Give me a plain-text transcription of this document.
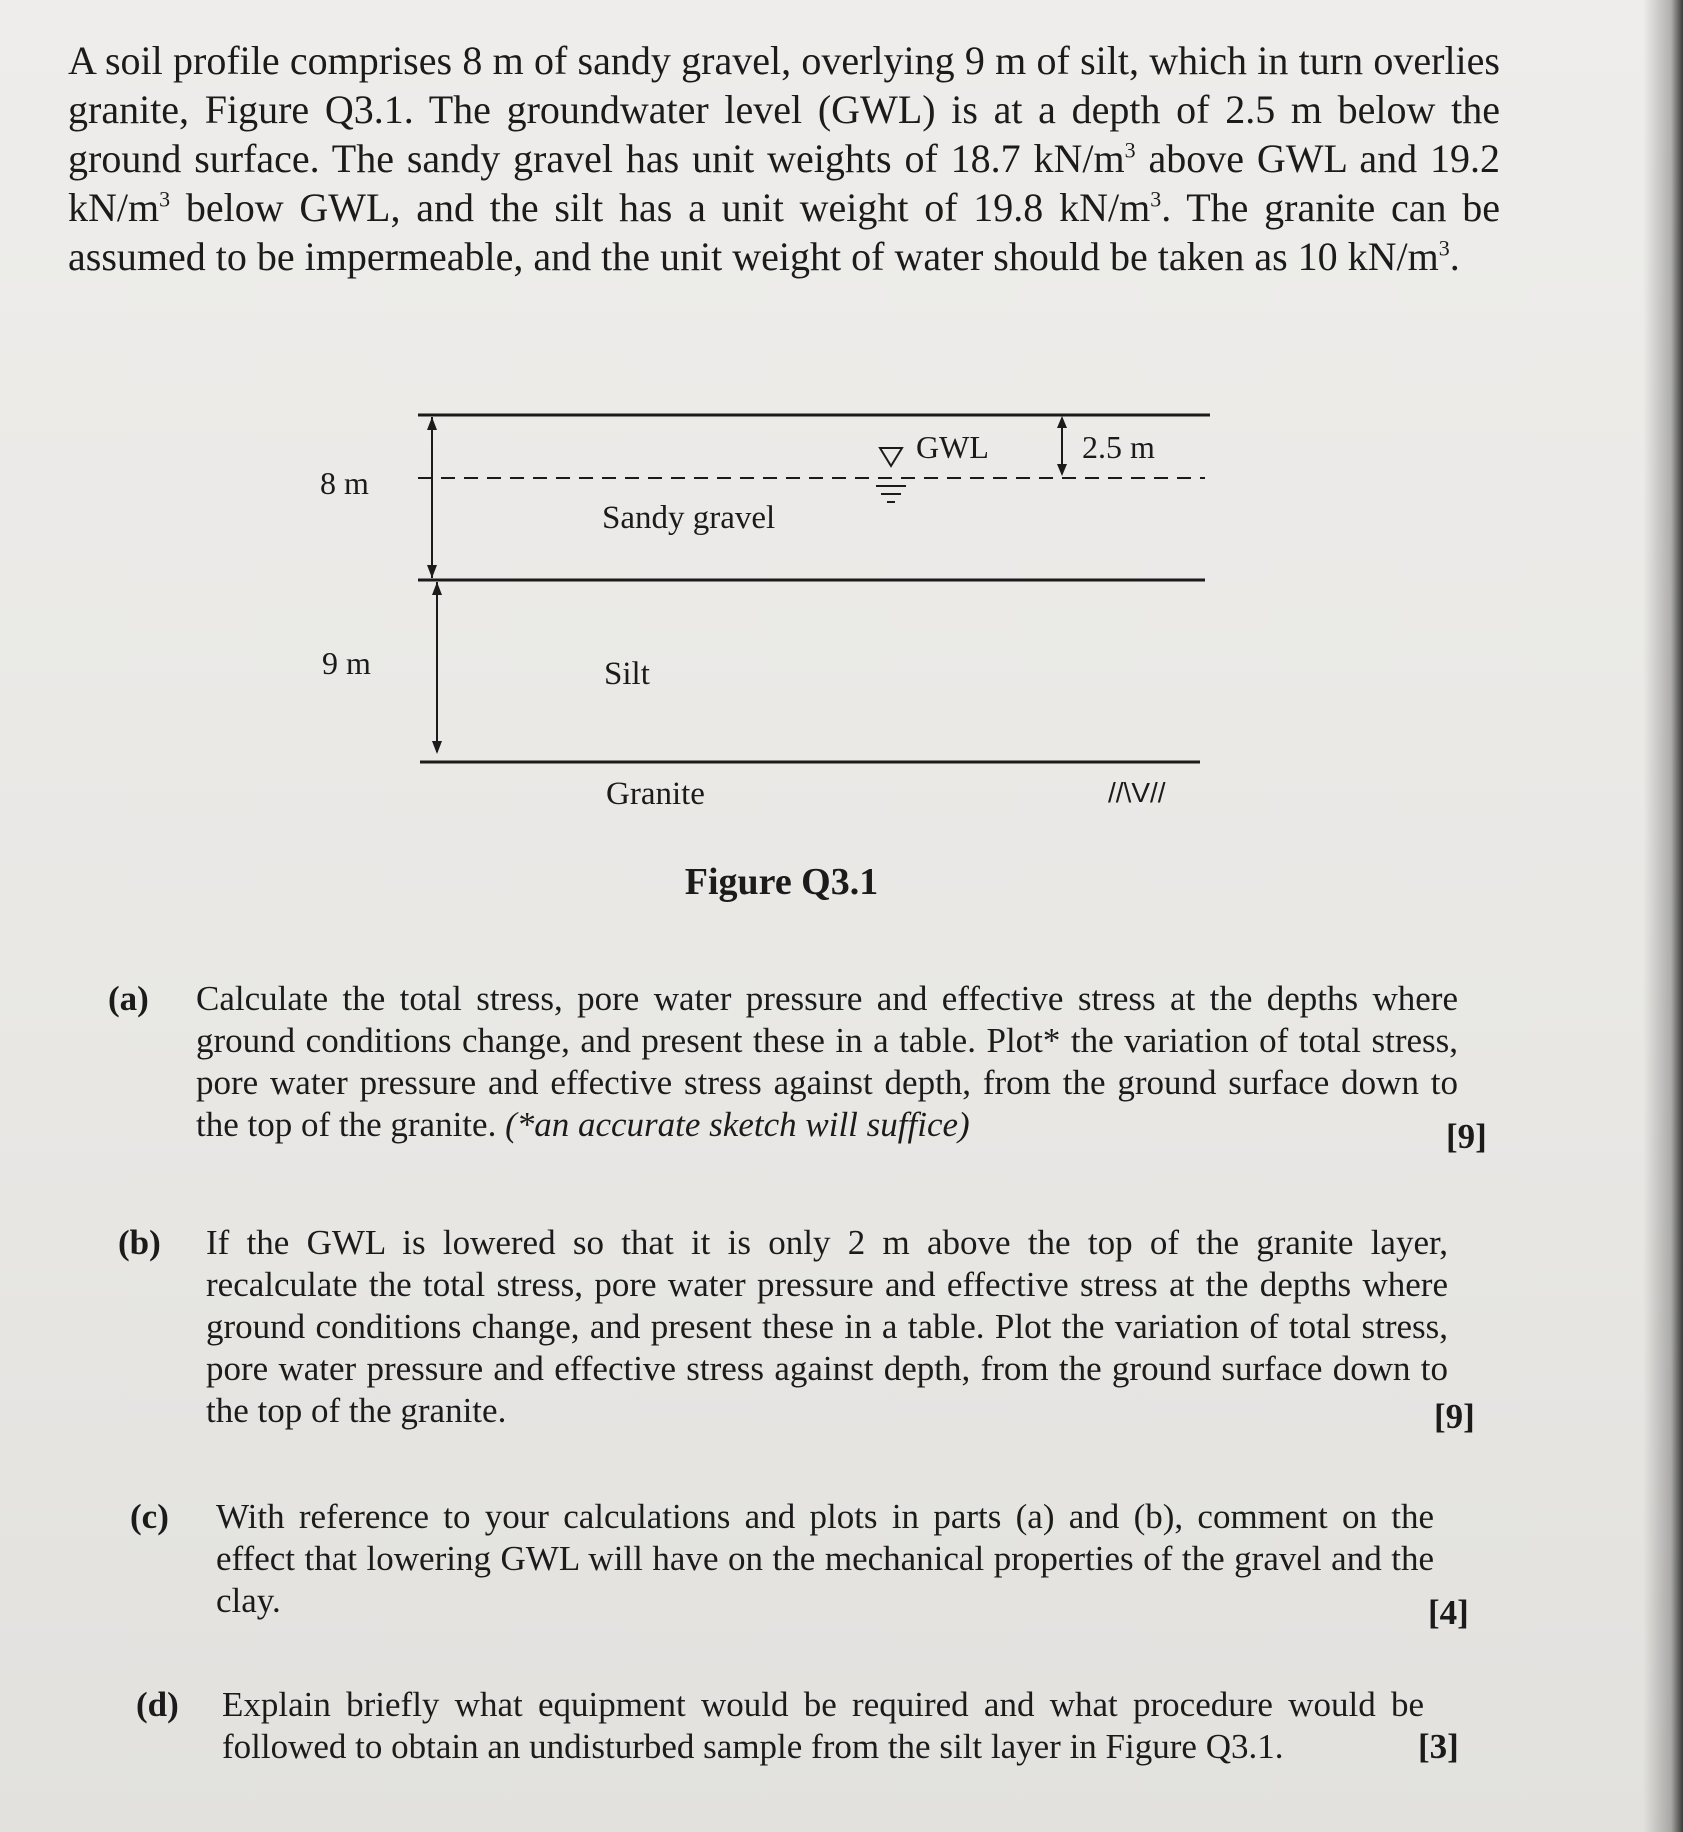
A soil profile comprises 8 m of sandy gravel, overlying 9 m of silt, which in turn overlies granite, Figure Q3.1. The groundwater level (GWL) is at a depth of 2.5 m below the ground surface. The sandy gravel has unit weights of 18.7 $kN/m^3$ above GWL and 19.2 $kN/m^3$ below GWL, and the silt has a unit weight of 19.8 $kN/m^3$. The granite can be assumed to be impermeable, and the unit weight of water should be taken as 10 $kN/m^3$.
8 m
9 m
GWL	2.5 m
Sandy gravel
Silt
Granite	//\V//
Figure Q3.1
(a) Calculate the total stress, pore water pressure and effective stress at the depths where ground conditions change, and present these in a table. Plot* the variation of total stress, pore water pressure and effective stress against depth, from the ground surface down to the top of the granite. (*an accurate sketch will suffice)	[9]
(b) If the GWL is lowered so that it is only 2 m above the top of the granite layer, recalculate the total stress, pore water pressure and effective stress at the depths where ground conditions change, and present these in a table. Plot the variation of total stress, pore water pressure and effective stress against depth, from the ground surface down to the top of the granite.	[9]
(c) With reference to your calculations and plots in parts (a) and (b), comment on the effect that lowering GWL will have on the mechanical properties of the gravel and the clay.	[4]
(d) Explain briefly what equipment would be required and what procedure would be followed to obtain an undisturbed sample from the silt layer in Figure Q3.1.	[3]
